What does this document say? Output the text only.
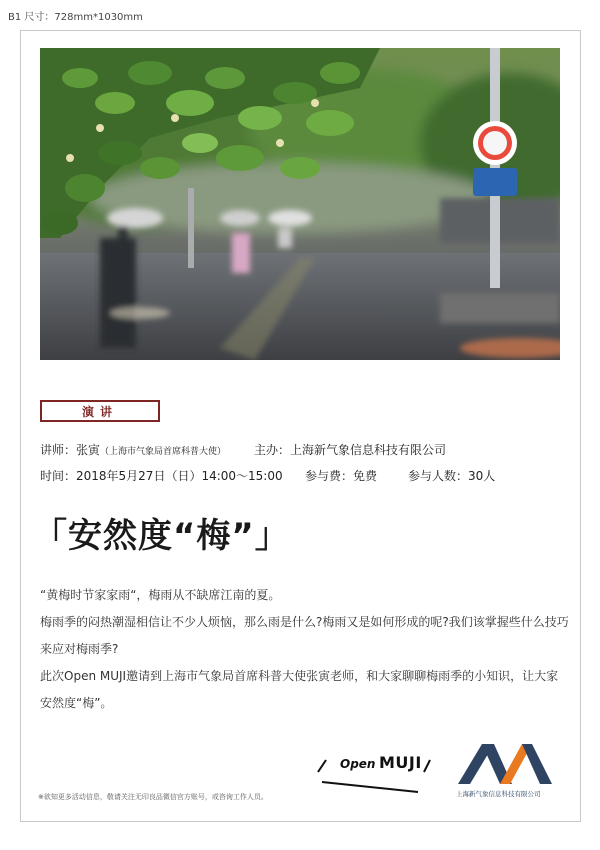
B1 尺寸：728mm*1030mm
演讲
讲师：张寅（上海市气象局首席科普大使） 主办：上海新气象信息科技有限公司
时间：2018年5月27日（日）14:00～15:00 参与费：免费	参与人数：30人
「安然度“梅”」
“黄梅时节家家雨“，梅雨从不缺席江南的夏。
梅雨季的闷热潮湿相信让不少人烦恼，那么雨是什么?梅雨又是如何形成的呢?我们该掌握些什么技巧
来应对梅雨季?
此次Open MUJI邀请到上海市气象局首席科普大使张寅老师，和大家聊聊梅雨季的小知识，让大家
安然度“梅”。
Open MUJI
上海新气象信息科技有限公司
※欲知更多活动信息，敬请关注无印良品微信官方账号，或咨询工作人员。
